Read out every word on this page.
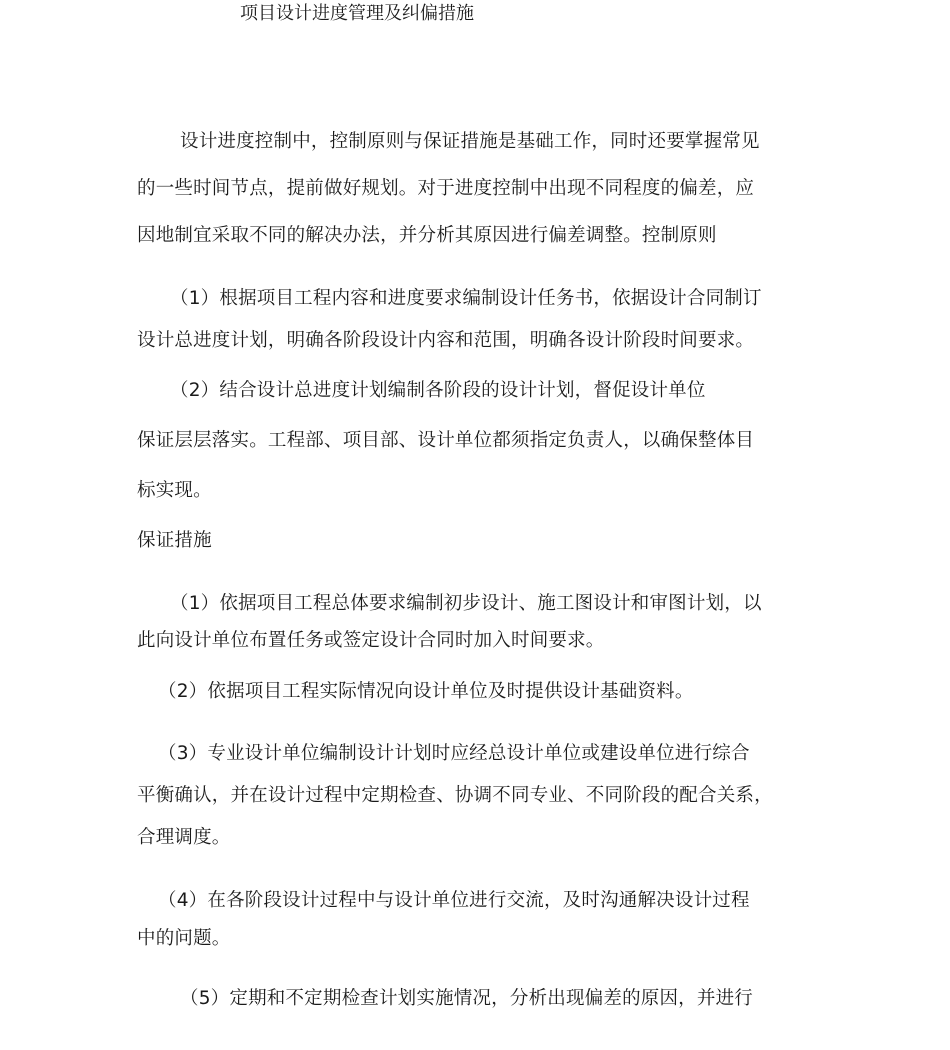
项目设计进度管理及纠偏措施
设计进度控制中，控制原则与保证措施是基础工作，同时还要掌握常见
的一些时间节点，提前做好规划。对于进度控制中出现不同程度的偏差，应
因地制宜采取不同的解决办法，并分析其原因进行偏差调整。控制原则
（1）根据项目工程内容和进度要求编制设计任务书，依据设计合同制订
设计总进度计划，明确各阶段设计内容和范围，明确各设计阶段时间要求。
（2）结合设计总进度计划编制各阶段的设计计划，督促设计单位
保证层层落实。工程部、项目部、设计单位都须指定负责人，以确保整体目
标实现。
保证措施
（1）依据项目工程总体要求编制初步设计、施工图设计和审图计划，以
此向设计单位布置任务或签定设计合同时加入时间要求。
（2）依据项目工程实际情况向设计单位及时提供设计基础资料。
（3）专业设计单位编制设计计划时应经总设计单位或建设单位进行综合
平衡确认，并在设计过程中定期检查、协调不同专业、不同阶段的配合关系，
合理调度。
（4）在各阶段设计过程中与设计单位进行交流，及时沟通解决设计过程
中的问题。
（5）定期和不定期检查计划实施情况，分析出现偏差的原因，并进行
